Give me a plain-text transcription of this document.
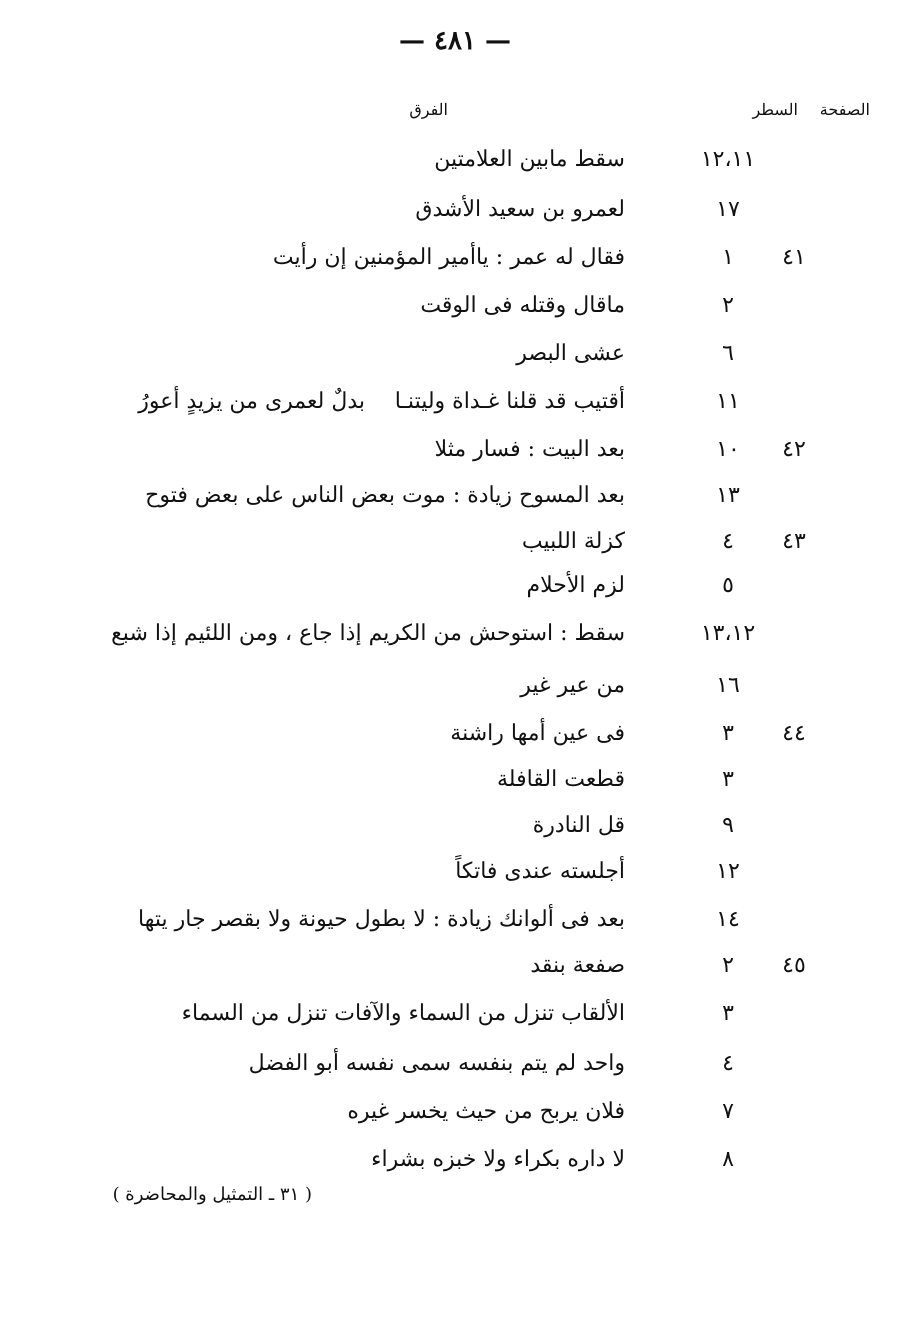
— ٤٨١ —
الصفحة
السطر
الفرق
١٢،١١
سقط مابين العلامتين
١٧
لعمرو بن سعيد الأشدق
٤١
١
فقال له عمر : ياأمير المؤمنين إن رأيت
٢
ماقال وقتله فى الوقت
٦
عشى البصر
١١
أقتيب قد قلنا غـداة وليتنـا
بدلٌ لعمرى من يزيدٍ أعورُ
٤٢
١٠
بعد البيت : فسار مثلا
١٣
بعد المسوح زيادة : موت بعض الناس على بعض فتوح
٤٣
٤
كزلة اللبيب
٥
لزم الأحلام
١٣،١٢
سقط : استوحش من الكريم إذا جاع ، ومن اللئيم إذا شبع
١٦
من عير غير
٤٤
٣
فى عين أمها راشنة
٣
قطعت القافلة
٩
قل النادرة
١٢
أجلسته عندى فاتكاً
١٤
بعد فى ألوانك زيادة : لا بطول حيونة ولا بقصر جار يتها
٤٥
٢
صفعة بنقد
٣
الألقاب تنزل من السماء والآفات تنزل من السماء
٤
واحد لم يتم بنفسه سمى نفسه أبو الفضل
٧
فلان يربح من حيث يخسر غيره
٨
لا داره بكراء ولا خبزه بشراء
( ٣١ ـ التمثيل والمحاضرة )
